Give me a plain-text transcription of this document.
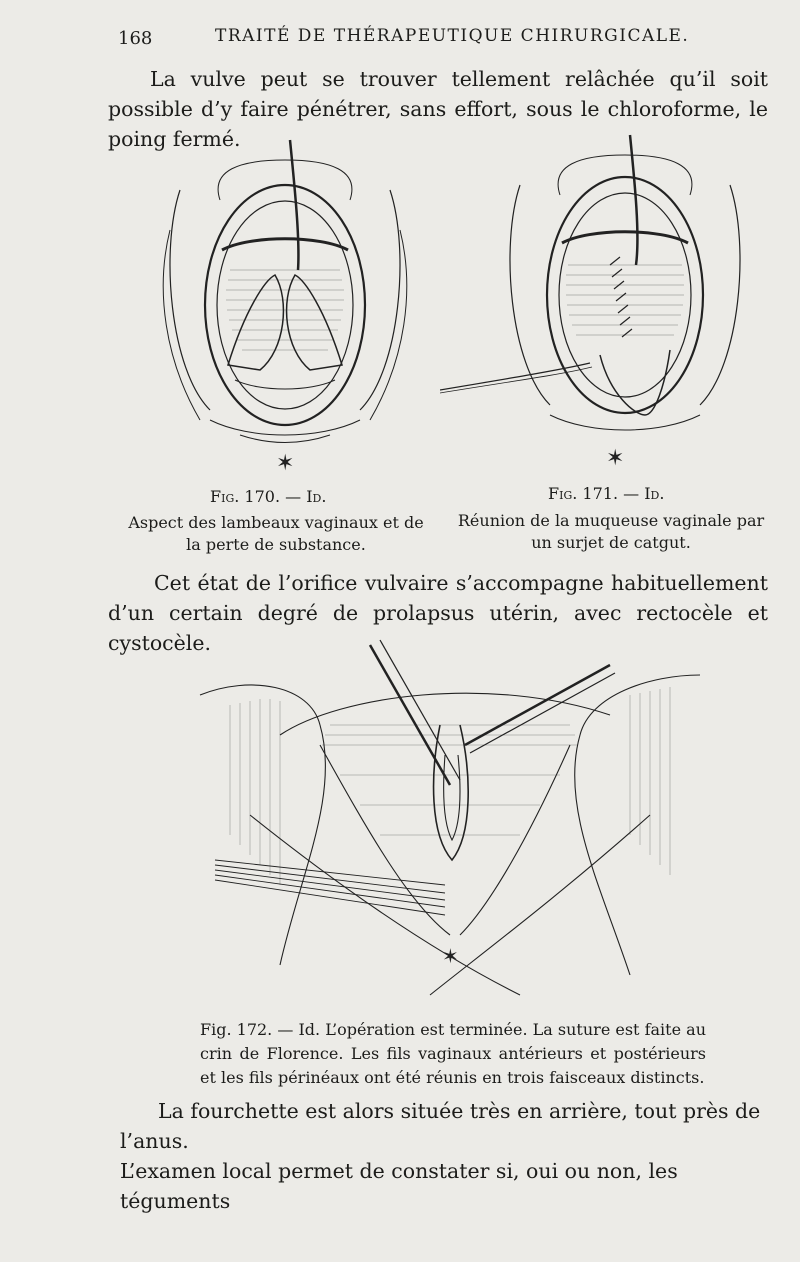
168	TRAITÉ DE THÉRAPEUTIQUE CHIRURGICALE.

La vulve peut se trouver tellement relâchée qu’il soit possible d’y faire pénétrer, sans effort, sous le chloroforme, le poing fermé.

✶
Fig. 170. — Id.
Aspect des lambeaux vaginaux et de
la perte de substance.
✶
Fig. 171. — Id.
Réunion de la muqueuse vaginale par
un surjet de catgut.

Cet état de l’orifice vulvaire s’accompagne habituellement d’un certain degré de prolapsus utérin, avec rectocèle et cystocèle.

✶
Fig. 172. — Id. L’opération est terminée. La suture est faite au crin de Florence. Les fils vaginaux antérieurs et postérieurs et les fils périnéaux ont été réunis en trois faisceaux distincts.
La fourchette est alors située très en arrière, tout près de l’anus.
L’examen local permet de constater si, oui ou non, les téguments
